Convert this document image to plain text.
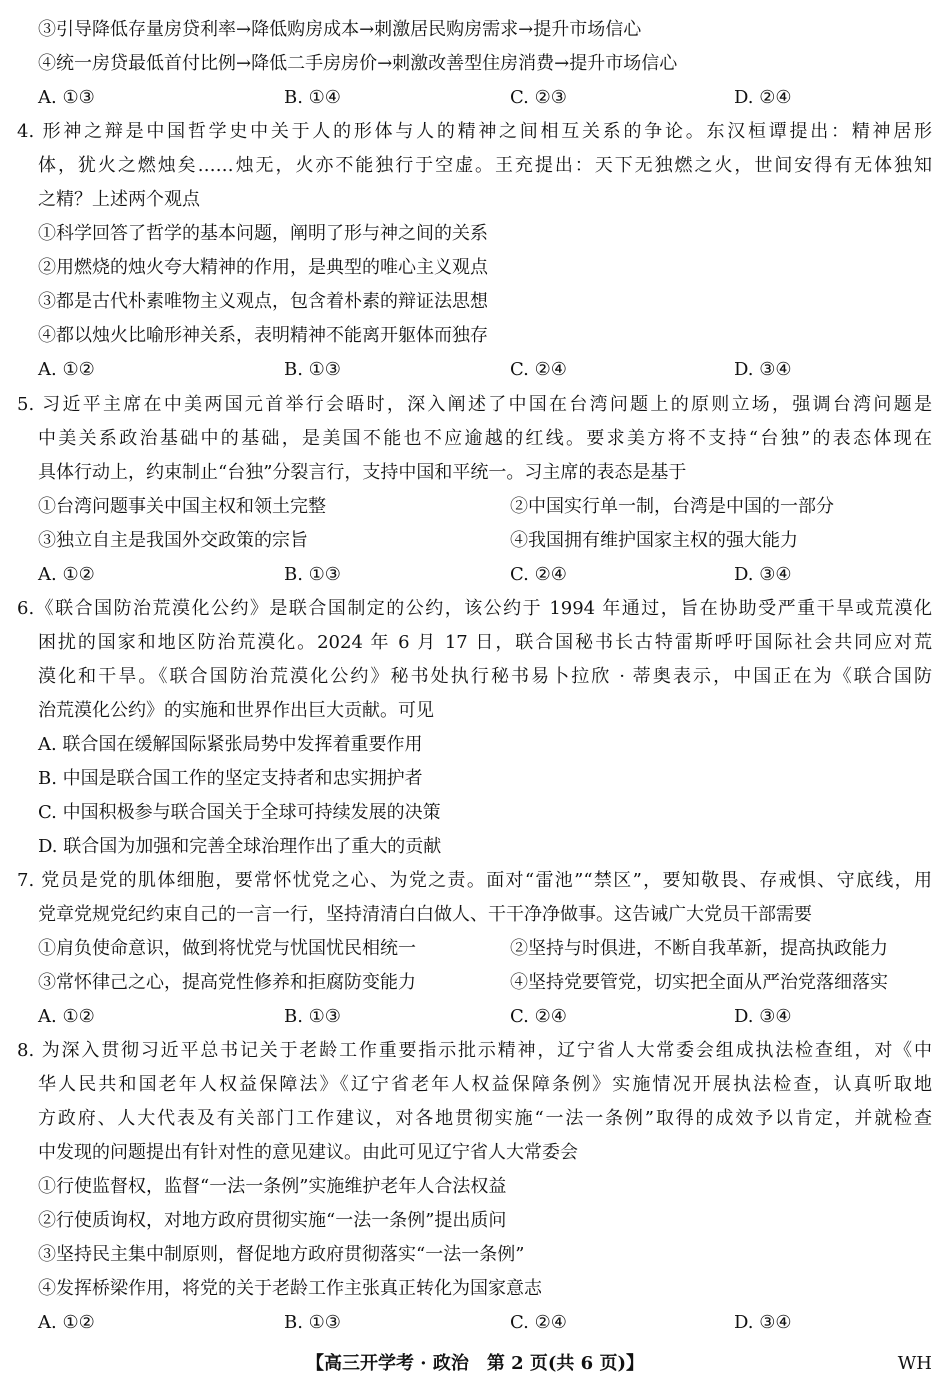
③引导降低存量房贷利率→降低购房成本→刺激居民购房需求→提升市场信心
④统一房贷最低首付比例→降低二手房房价→刺激改善型住房消费→提升市场信心
A. ①③	B. ①④	C. ②③	D. ②④
4. 形神之辩是中国哲学史中关于人的形体与人的精神之间相互关系的争论。东汉桓谭提出：精神居形
体，犹火之燃烛矣……烛无，火亦不能独行于空虚。王充提出：天下无独燃之火，世间安得有无体独知
之精？上述两个观点
①科学回答了哲学的基本问题，阐明了形与神之间的关系
②用燃烧的烛火夸大精神的作用，是典型的唯心主义观点
③都是古代朴素唯物主义观点，包含着朴素的辩证法思想
④都以烛火比喻形神关系，表明精神不能离开躯体而独存
A. ①②	B. ①③	C. ②④	D. ③④
5. 习近平主席在中美两国元首举行会晤时，深入阐述了中国在台湾问题上的原则立场，强调台湾问题是
中美关系政治基础中的基础，是美国不能也不应逾越的红线。要求美方将不支持“台独”的表态体现在
具体行动上，约束制止“台独”分裂言行，支持中国和平统一。习主席的表态是基于
①台湾问题事关中国主权和领土完整	②中国实行单一制，台湾是中国的一部分
③独立自主是我国外交政策的宗旨	④我国拥有维护国家主权的强大能力
A. ①②	B. ①③	C. ②④	D. ③④
6.《联合国防治荒漠化公约》是联合国制定的公约，该公约于 1994 年通过，旨在协助受严重干旱或荒漠化
困扰的国家和地区防治荒漠化。2024 年 6 月 17 日，联合国秘书长古特雷斯呼吁国际社会共同应对荒
漠化和干旱。《联合国防治荒漠化公约》秘书处执行秘书易卜拉欣 · 蒂奥表示，中国正在为《联合国防
治荒漠化公约》的实施和世界作出巨大贡献。可见
A. 联合国在缓解国际紧张局势中发挥着重要作用
B. 中国是联合国工作的坚定支持者和忠实拥护者
C. 中国积极参与联合国关于全球可持续发展的决策
D. 联合国为加强和完善全球治理作出了重大的贡献
7. 党员是党的肌体细胞，要常怀忧党之心、为党之责。面对“雷池”“禁区”，要知敬畏、存戒惧、守底线，用
党章党规党纪约束自己的一言一行，坚持清清白白做人、干干净净做事。这告诫广大党员干部需要
①肩负使命意识，做到将忧党与忧国忧民相统一	②坚持与时俱进，不断自我革新，提高执政能力
③常怀律己之心，提高党性修养和拒腐防变能力	④坚持党要管党，切实把全面从严治党落细落实
A. ①②	B. ①③	C. ②④	D. ③④
8. 为深入贯彻习近平总书记关于老龄工作重要指示批示精神，辽宁省人大常委会组成执法检查组，对《中
华人民共和国老年人权益保障法》《辽宁省老年人权益保障条例》实施情况开展执法检查，认真听取地
方政府、人大代表及有关部门工作建议，对各地贯彻实施“一法一条例”取得的成效予以肯定，并就检查
中发现的问题提出有针对性的意见建议。由此可见辽宁省人大常委会
①行使监督权，监督“一法一条例”实施维护老年人合法权益
②行使质询权，对地方政府贯彻实施“一法一条例”提出质问
③坚持民主集中制原则，督促地方政府贯彻落实“一法一条例”
④发挥桥梁作用，将党的关于老龄工作主张真正转化为国家意志
A. ①②	B. ①③	C. ②④	D. ③④
【高三开学考 · 政治　第 2 页(共 6 页)】	WH
